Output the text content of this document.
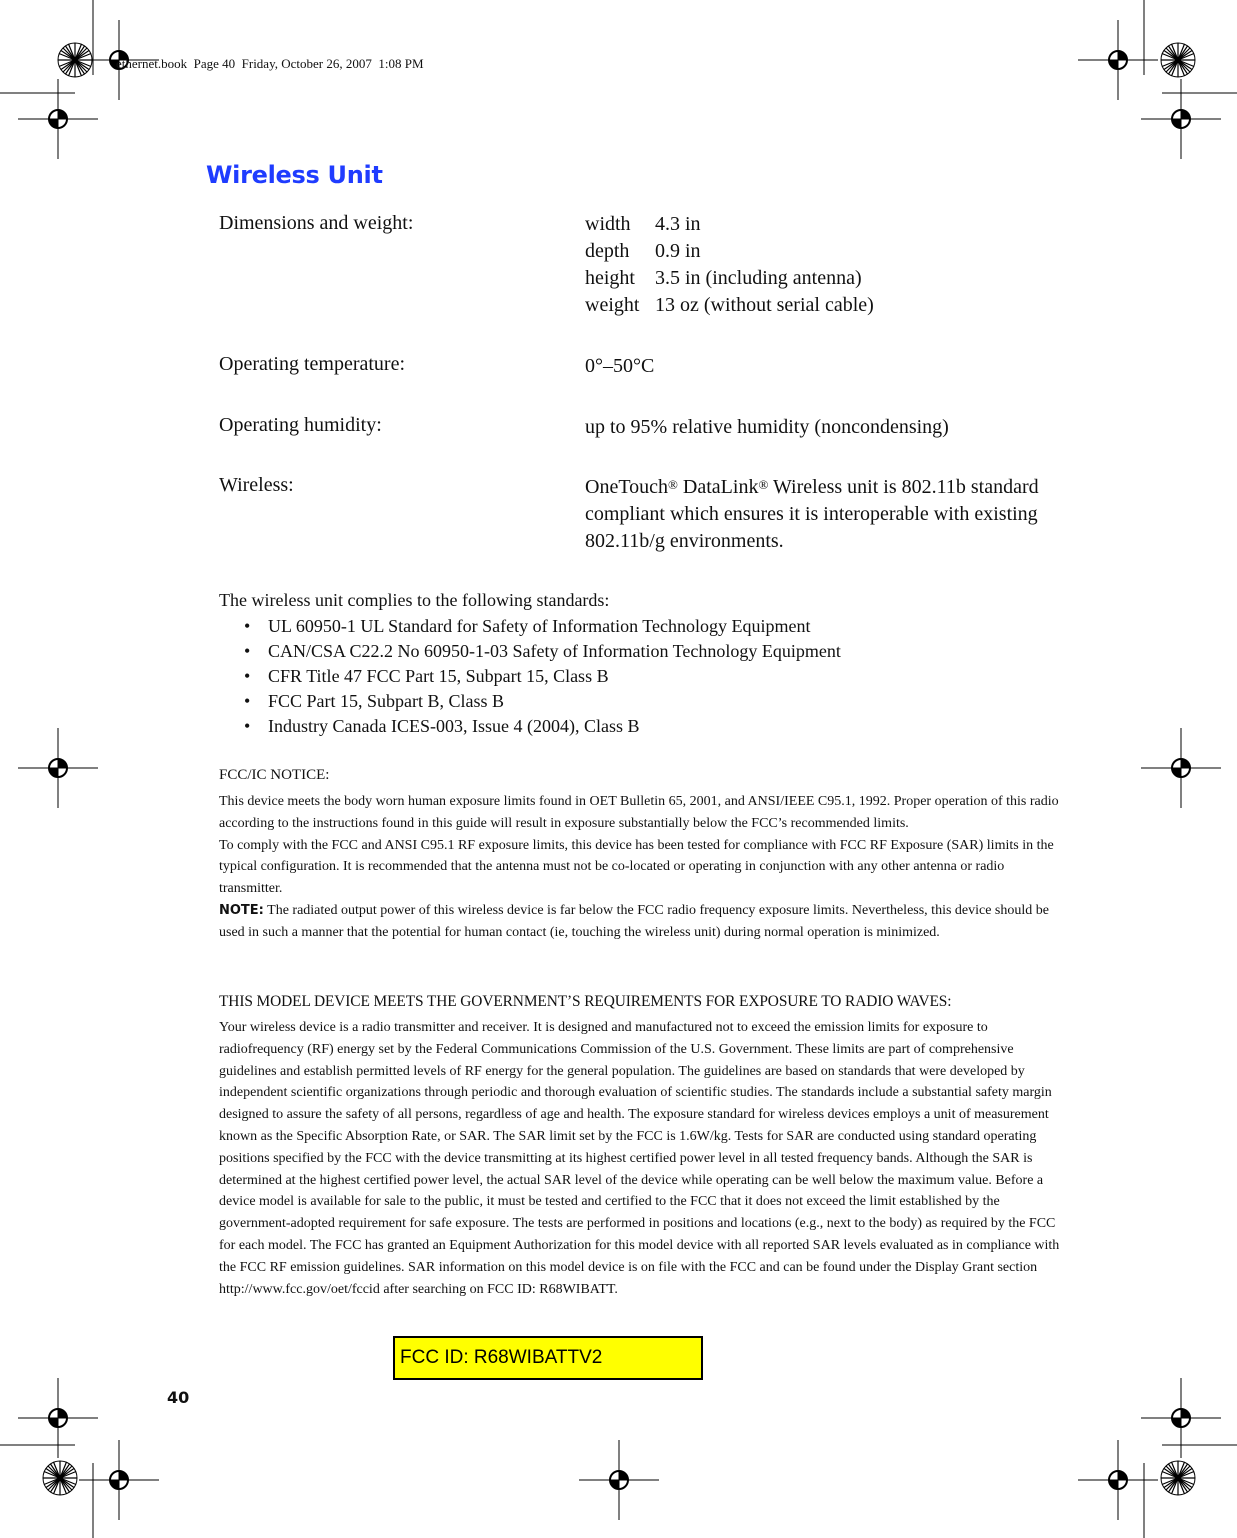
ethernet.book  Page 40  Friday, October 26, 2007  1:08 PM
Wireless Unit
Dimensions and weight:	width	4.3 in
depth	0.9 in
height	3.5 in (including antenna)
weight 13 oz (without serial cable)
Operating temperature:	0°–50°C
Operating humidity:	up to 95% relative humidity (noncondensing)
Wireless:	OneTouch® DataLink® Wireless unit is 802.11b standard compliant which ensures it is interoperable with existing 802.11b/g environments.
The wireless unit complies to the following standards:
• UL 60950-1 UL Standard for Safety of Information Technology Equipment
• CAN/CSA C22.2 No 60950-1-03 Safety of Information Technology Equipment
• CFR Title 47 FCC Part 15, Subpart 15, Class B
• FCC Part 15, Subpart B, Class B
• Industry Canada ICES-003, Issue 4 (2004), Class B
FCC/IC NOTICE:
This device meets the body worn human exposure limits found in OET Bulletin 65, 2001, and ANSI/IEEE C95.1, 1992. Proper operation of this radio according to the instructions found in this guide will result in exposure substantially below the FCC’s recommended limits.
To comply with the FCC and ANSI C95.1 RF exposure limits, this device has been tested for compliance with FCC RF Exposure (SAR) limits in the typical configuration. It is recommended that the antenna must not be co-located or operating in conjunction with any other antenna or radio transmitter.
NOTE: The radiated output power of this wireless device is far below the FCC radio frequency exposure limits. Nevertheless, this device should be used in such a manner that the potential for human contact (ie, touching the wireless unit) during normal operation is minimized.
THIS MODEL DEVICE MEETS THE GOVERNMENT’S REQUIREMENTS FOR EXPOSURE TO RADIO WAVES:
Your wireless device is a radio transmitter and receiver. It is designed and manufactured not to exceed the emission limits for exposure to radiofrequency (RF) energy set by the Federal Communications Commission of the U.S. Government. These limits are part of comprehensive guidelines and establish permitted levels of RF energy for the general population. The guidelines are based on standards that were developed by independent scientific organizations through periodic and thorough evaluation of scientific studies. The standards include a substantial safety margin designed to assure the safety of all persons, regardless of age and health. The exposure standard for wireless devices employs a unit of measurement known as the Specific Absorption Rate, or SAR. The SAR limit set by the FCC is 1.6W/kg. Tests for SAR are conducted using standard operating positions specified by the FCC with the device transmitting at its highest certified power level in all tested frequency bands. Although the SAR is determined at the highest certified power level, the actual SAR level of the device while operating can be well below the maximum value. Before a device model is available for sale to the public, it must be tested and certified to the FCC that it does not exceed the limit established by the government-adopted requirement for safe exposure. The tests are performed in positions and locations (e.g., next to the body) as required by the FCC for each model. The FCC has granted an Equipment Authorization for this model device with all reported SAR levels evaluated as in compliance with the FCC RF emission guidelines. SAR information on this model device is on file with the FCC and can be found under the Display Grant section http://www.fcc.gov/oet/fccid after searching on FCC ID: R68WIBATT.
FCC ID: R68WIBATTV2
40
